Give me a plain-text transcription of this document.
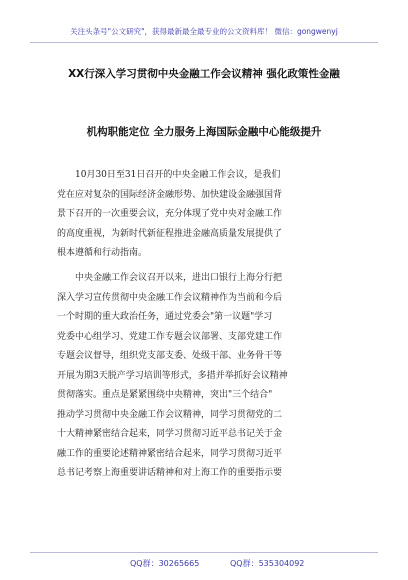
关注头条号"公文研究"，获得最新最全最专业的公文资料库！ 微信：gongwenyj
XX行深入学习贯彻中央金融工作会议精神 强化政策性金融
机构职能定位 全力服务上海国际金融中心能级提升
10月30日至31日召开的中央金融工作会议，是我们
党在应对复杂的国际经济金融形势、加快建设金融强国背
景下召开的一次重要会议，充分体现了党中央对金融工作
的高度重视，为新时代新征程推进金融高质量发展提供了
根本遵循和行动指南。
中央金融工作会议召开以来，进出口银行上海分行把
深入学习宣传贯彻中央金融工作会议精神作为当前和今后
一个时期的重大政治任务，通过党委会"第一议题"学习
党委中心组学习、党建工作专题会议部署、支部党建工作
专题会议督导，组织党支部支委、处级干部、业务骨干等
开展为期3天脱产学习培训等形式，多措并举抓好会议精神
贯彻落实。重点是紧紧围绕中央精神，突出"三个结合"
推动学习贯彻中央金融工作会议精神，同学习贯彻党的二
十大精神紧密结合起来，同学习贯彻习近平总书记关于金
融工作的重要论述精神紧密结合起来，同学习贯彻习近平
总书记考察上海重要讲话精神和对上海工作的重要指示要
QQ群：30265665	QQ群：535304092
